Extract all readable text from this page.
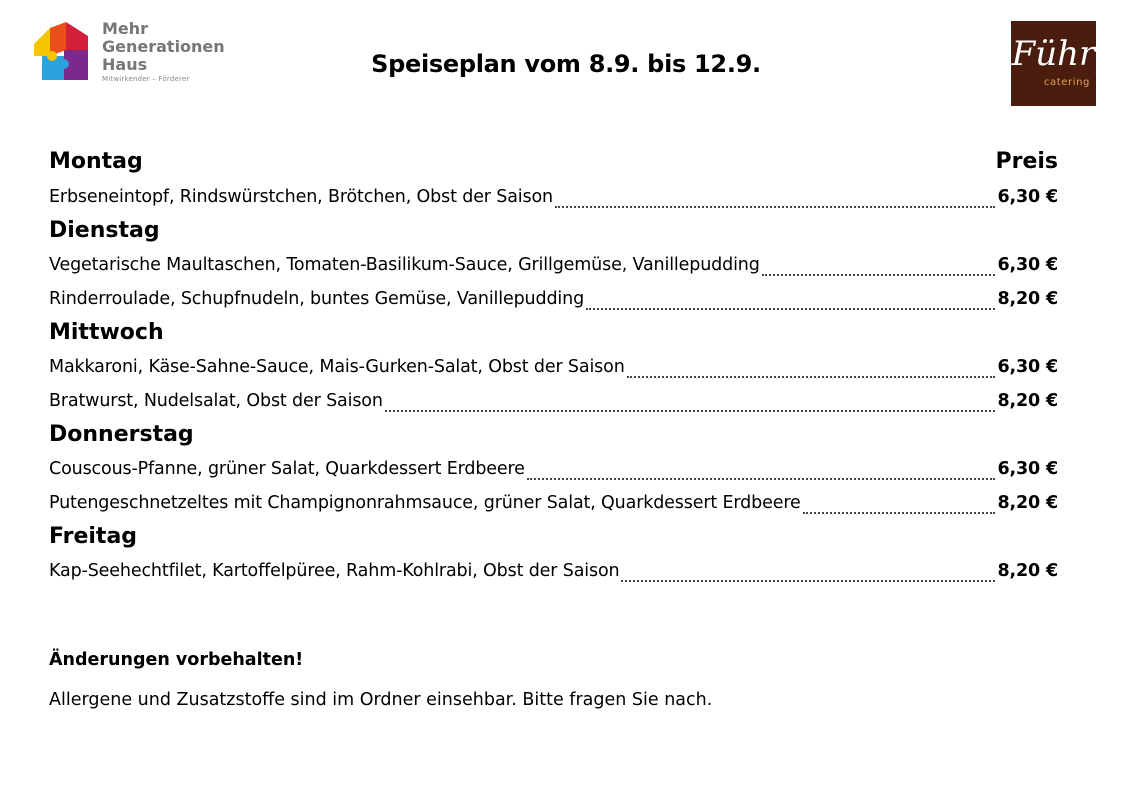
Mehr
Generationen
Haus
Mitwirkender – Förderer
Speiseplan vom 8.9. bis 12.9.	Führ
catering
Montag	Preis
Erbseneintopf, Rindswürstchen, Brötchen, Obst der Saison	6,30 €
Dienstag
Vegetarische Maultaschen, Tomaten-Basilikum-Sauce, Grillgemüse, Vanillepudding	6,30 €
Rinderroulade, Schupfnudeln, buntes Gemüse, Vanillepudding	8,20 €
Mittwoch
Makkaroni, Käse-Sahne-Sauce, Mais-Gurken-Salat, Obst der Saison	6,30 €
Bratwurst, Nudelsalat, Obst der Saison	8,20 €
Donnerstag
Couscous-Pfanne, grüner Salat, Quarkdessert Erdbeere	6,30 €
Putengeschnetzeltes mit Champignonrahmsauce, grüner Salat, Quarkdessert Erdbeere	8,20 €
Freitag
Kap-Seehechtfilet, Kartoffelpüree, Rahm-Kohlrabi, Obst der Saison	8,20 €
Änderungen vorbehalten!
Allergene und Zusatzstoffe sind im Ordner einsehbar. Bitte fragen Sie nach.
